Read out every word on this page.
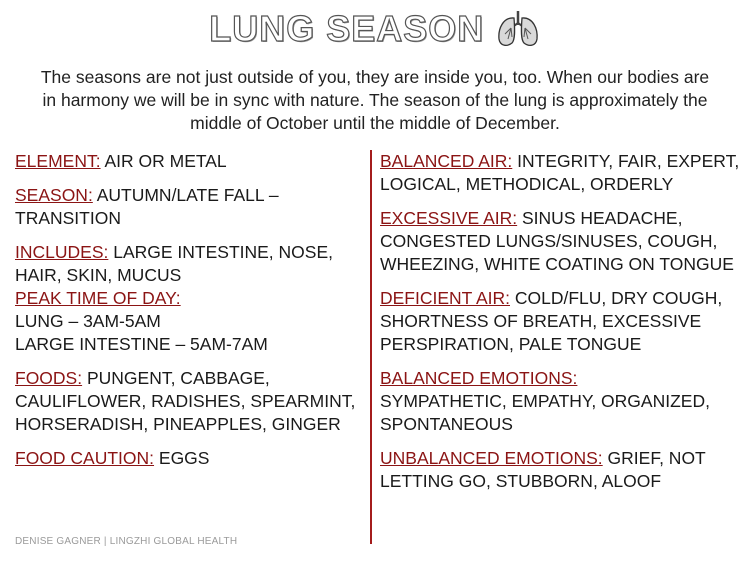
LUNG SEASON
The seasons are not just outside of you, they are inside you, too. When our bodies are in harmony we will be in sync with nature. The season of the lung is approximately the middle of October until the middle of December.
ELEMENT: AIR OR METAL
SEASON: AUTUMN/LATE FALL – TRANSITION
INCLUDES: LARGE INTESTINE, NOSE, HAIR, SKIN, MUCUS
PEAK TIME OF DAY:
LUNG – 3AM-5AM
LARGE INTESTINE – 5AM-7AM
FOODS: PUNGENT, CABBAGE, CAULIFLOWER, RADISHES, SPEARMINT, HORSERADISH, PINEAPPLES, GINGER
FOOD CAUTION: EGGS
BALANCED AIR: INTEGRITY, FAIR, EXPERT, LOGICAL, METHODICAL, ORDERLY
EXCESSIVE AIR: SINUS HEADACHE, CONGESTED LUNGS/SINUSES, COUGH, WHEEZING, WHITE COATING ON TONGUE
DEFICIENT AIR: COLD/FLU, DRY COUGH, SHORTNESS OF BREATH, EXCESSIVE PERSPIRATION, PALE TONGUE
BALANCED EMOTIONS:
SYMPATHETIC, EMPATHY, ORGANIZED, SPONTANEOUS
UNBALANCED EMOTIONS: GRIEF, NOT LETTING GO, STUBBORN, ALOOF
DENISE GAGNER | LINGZHI GLOBAL HEALTH
